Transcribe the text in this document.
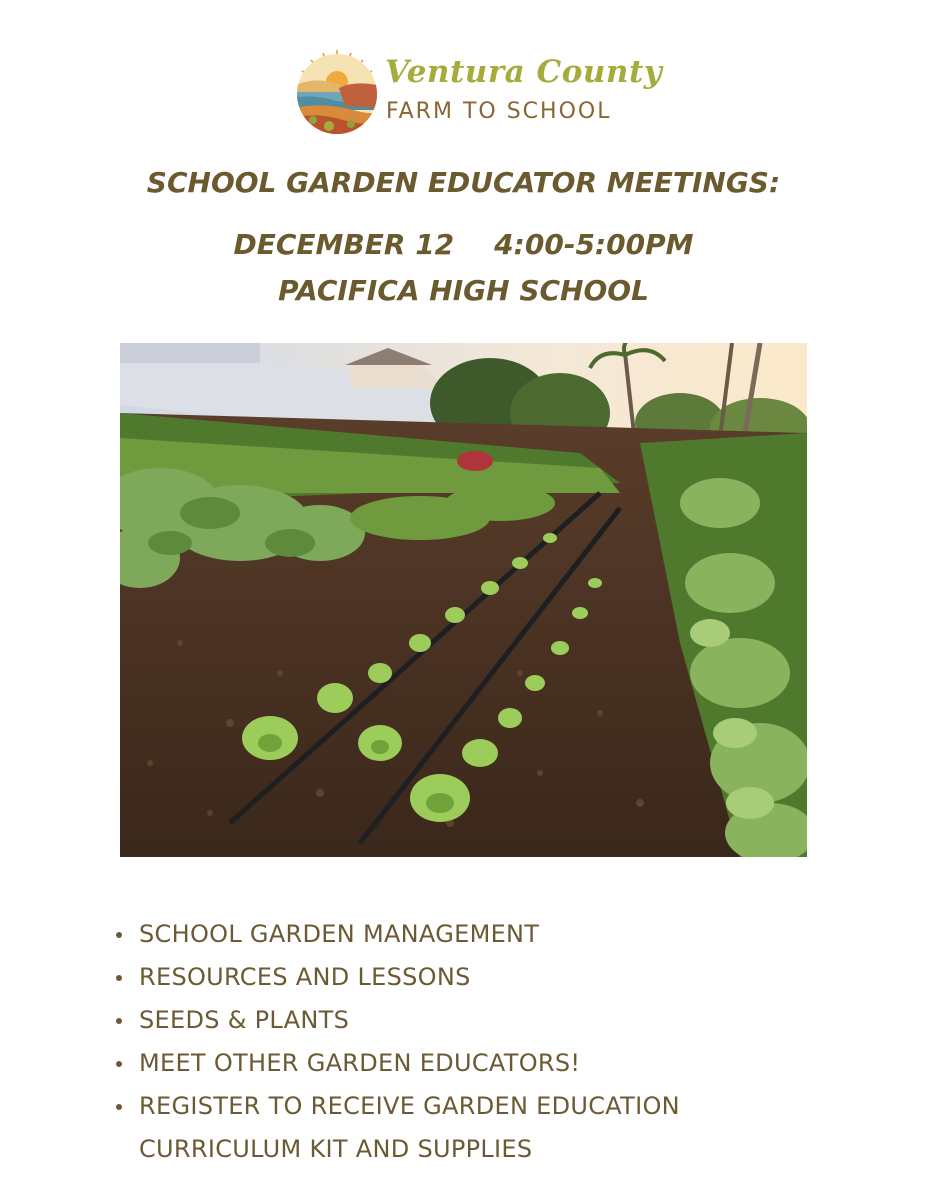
Ventura County
FARM TO SCHOOL
SCHOOL GARDEN EDUCATOR MEETINGS:
DECEMBER 12 4:00-5:00PM
PACIFICA HIGH SCHOOL
SCHOOL GARDEN MANAGEMENT
RESOURCES AND LESSONS
SEEDS & PLANTS
MEET OTHER GARDEN EDUCATORS!
REGISTER TO RECEIVE GARDEN EDUCATION
CURRICULUM KIT AND SUPPLIES
